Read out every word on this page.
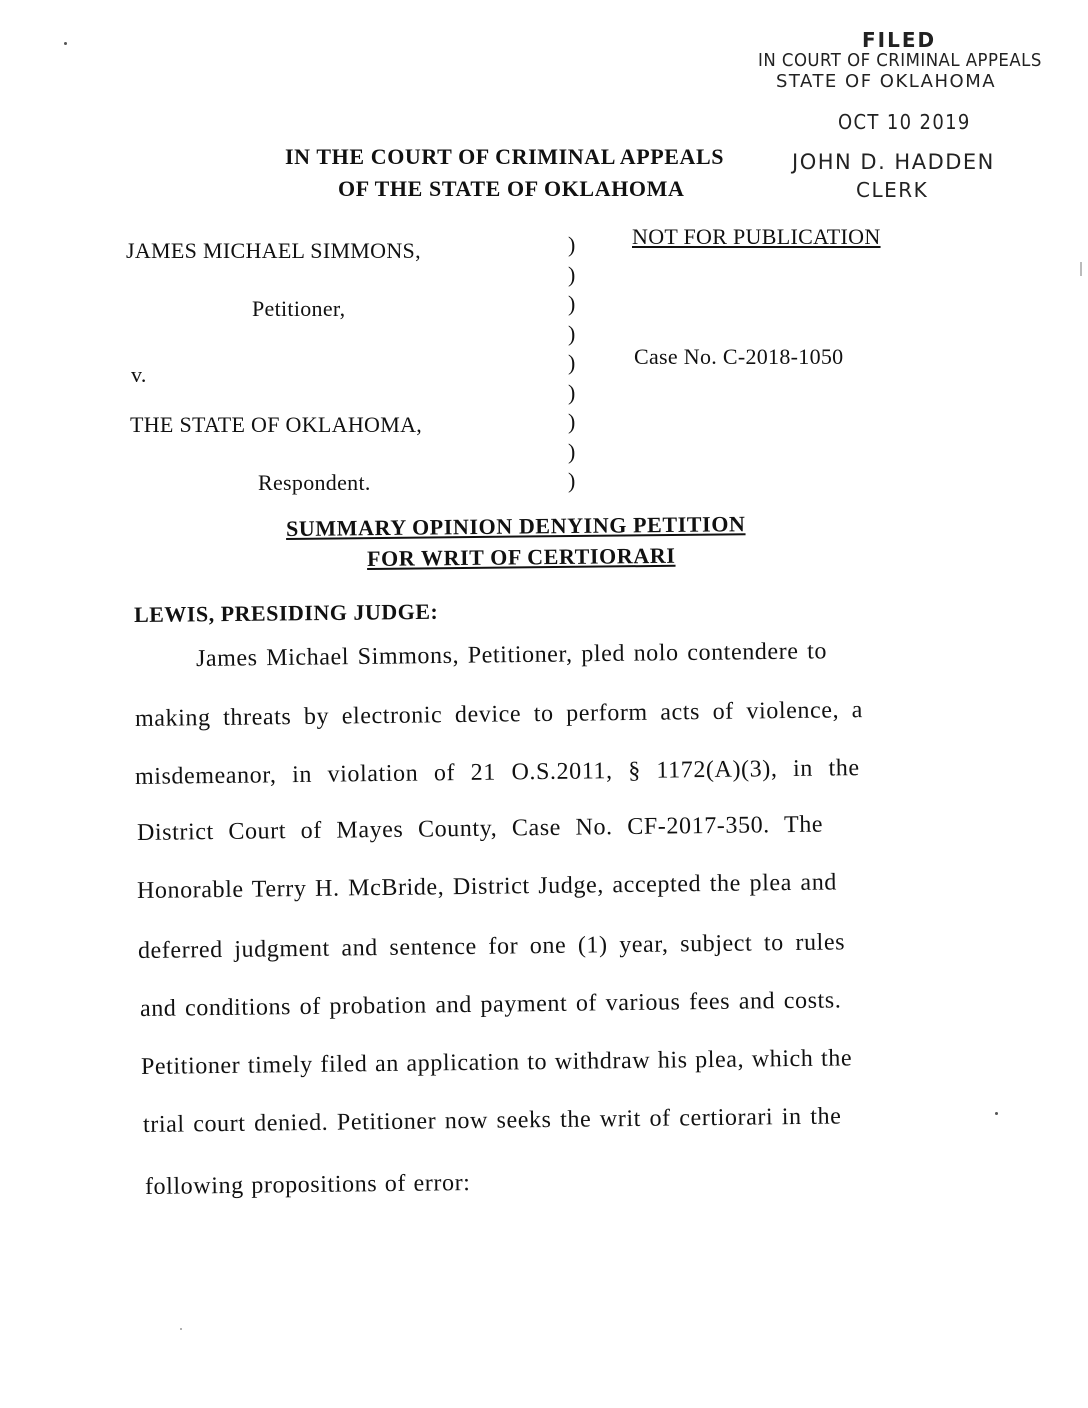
FILED
IN COURT OF CRIMINAL APPEALS
STATE OF OKLAHOMA
OCT 10 2019
JOHN D. HADDEN
CLERK
IN THE COURT OF CRIMINAL APPEALS
OF THE STATE OF OKLAHOMA
JAMES MICHAEL SIMMONS,
Petitioner,
v.
THE STATE OF OKLAHOMA,
Respondent.
)
)
)
)
)
)
)
)
)
NOT FOR PUBLICATION
Case No. C-2018-1050
SUMMARY OPINION DENYING PETITION
FOR WRIT OF CERTIORARI
LEWIS, PRESIDING JUDGE:
James Michael Simmons, Petitioner, pled nolo contendere to
making threats by electronic device to perform acts of violence, a
misdemeanor, in violation of 21 O.S.2011, § 1172(A)(3), in the
District Court of Mayes County, Case No. CF-2017-350. The
Honorable Terry H. McBride, District Judge, accepted the plea and
deferred judgment and sentence for one (1) year, subject to rules
and conditions of probation and payment of various fees and costs.
Petitioner timely filed an application to withdraw his plea, which the
trial court denied. Petitioner now seeks the writ of certiorari in the
following propositions of error:
